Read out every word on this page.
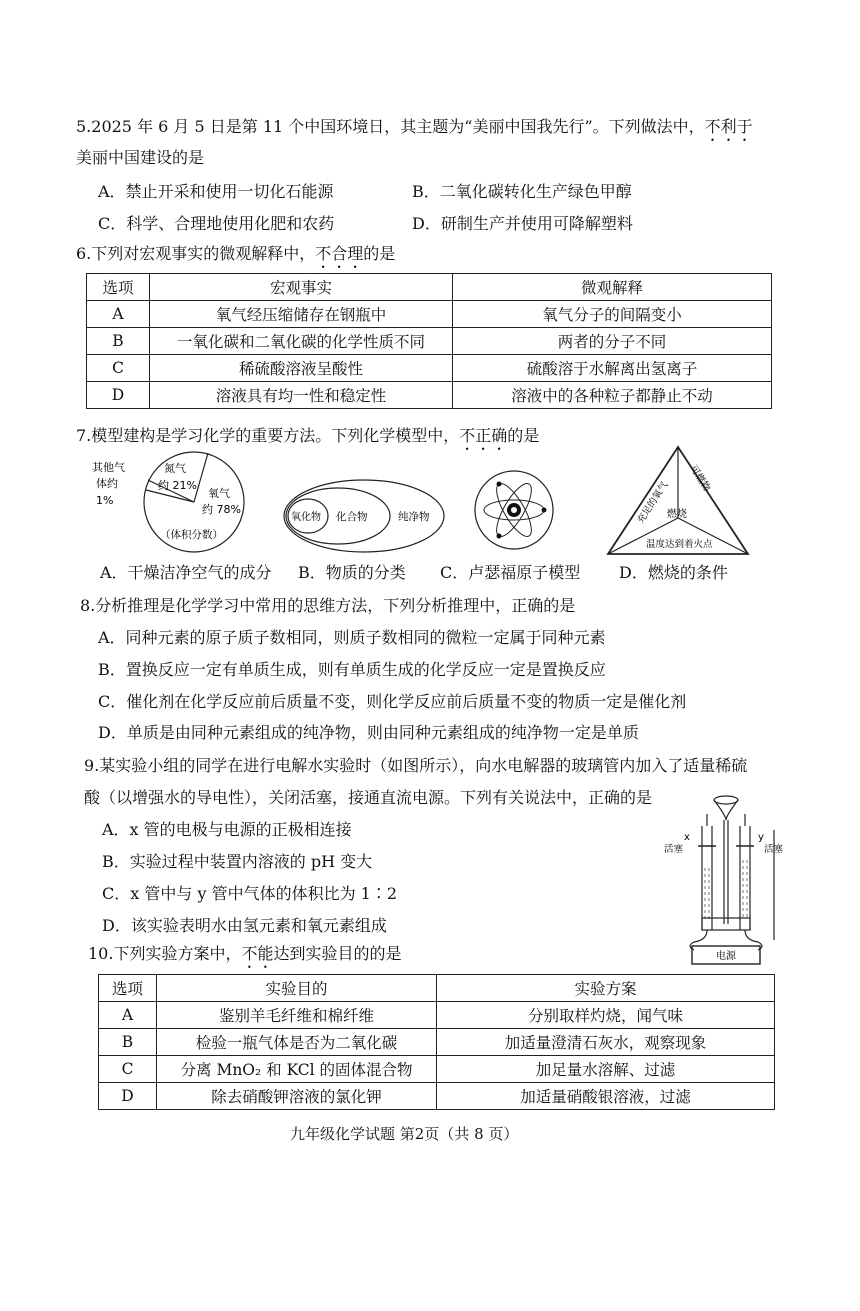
5.2025 年 6 月 5 日是第 11 个中国环境日，其主题为“美丽中国我先行”。下列做法中，不利于
美丽中国建设的是
A．禁止开采和使用一切化石能源	B．二氧化碳转化生产绿色甲醇
C．科学、合理地使用化肥和农药	D．研制生产并使用可降解塑料
6.下列对宏观事实的微观解释中，不合理的是
选项	宏观事实	微观解释
A	氧气经压缩储存在钢瓶中	氧气分子的间隔变小
B	一氧化碳和二氧化碳的化学性质不同	两者的分子不同
C	稀硫酸溶液呈酸性	硫酸溶于水解离出氢离子
D	溶液具有均一性和稳定性	溶液中的各种粒子都静止不动
7.模型建构是学习化学的重要方法。下列化学模型中，不正确的是
其他气
体约
1%
氮气
约 21%
氧气
约 78%
（体积分数）
氧化物 化合物	纯净物	充足的氧气
可燃物
燃烧
温度达到着火点
A．干燥洁净空气的成分 B．物质的分类 C．卢瑟福原子模型 D．燃烧的条件
8.分析推理是化学学习中常用的思维方法，下列分析推理中，正确的是
A．同种元素的原子质子数相同，则质子数相同的微粒一定属于同种元素
B．置换反应一定有单质生成，则有单质生成的化学反应一定是置换反应
C．催化剂在化学反应前后质量不变，则化学反应前后质量不变的物质一定是催化剂
D．单质是由同种元素组成的纯净物，则由同种元素组成的纯净物一定是单质
9.某实验小组的同学在进行电解水实验时（如图所示），向水电解器的玻璃管内加入了适量稀硫
酸（以增强水的导电性），关闭活塞，接通直流电源。下列有关说法中，正确的是
A．x 管的电极与电源的正极相连接
B．实验过程中装置内溶液的 pH 变大
C．x 管中与 y 管中气体的体积比为 1∶2
D．该实验表明水由氢元素和氧元素组成
电源
x	y
活塞	活塞
10.下列实验方案中，不能达到实验目的的是
选项	实验目的	实验方案
A	鉴别羊毛纤维和棉纤维	分别取样灼烧，闻气味
B	检验一瓶气体是否为二氧化碳	加适量澄清石灰水，观察现象
C	分离 MnO₂ 和 KCl 的固体混合物	加足量水溶解、过滤
D	除去硝酸钾溶液的氯化钾	加适量硝酸银溶液，过滤
九年级化学试题 第2页（共 8 页）
